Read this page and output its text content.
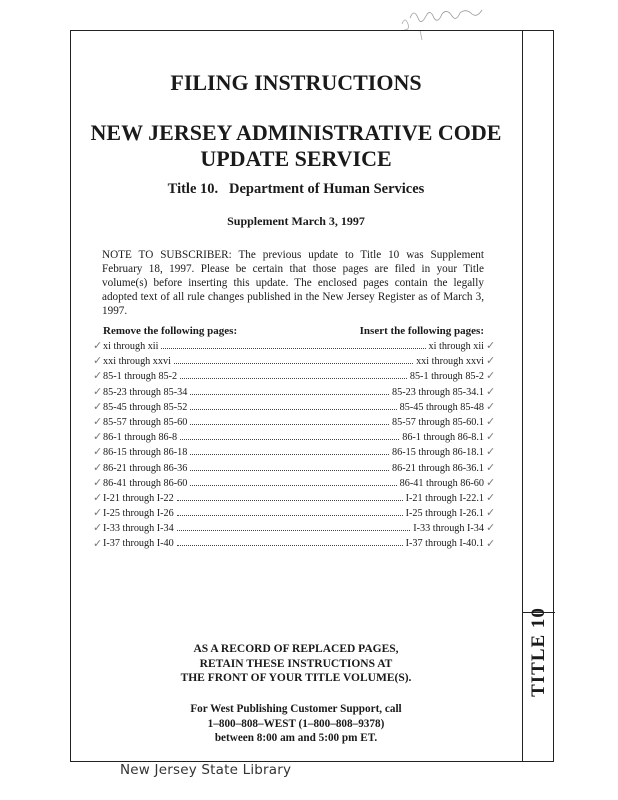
TITLE 10
FILING INSTRUCTIONS
NEW JERSEY ADMINISTRATIVE CODE
UPDATE SERVICE
Title 10.   Department of Human Services
Supplement March 3, 1997
NOTE TO SUBSCRIBER: The previous update to Title 10 was Supplement February 18, 1997. Please be certain that those pages are filed in your Title volume(s) before inserting this update. The enclosed pages contain the legally adopted text of all rule changes published in the New Jersey Register as of March 3, 1997.
Remove the following pages:	Insert the following pages:
xi through xii	xi through xii
xxi through xxvi	xxi through xxvi
85-1 through 85-2	85-1 through 85-2
85-23 through 85-34	85-23 through 85-34.1
85-45 through 85-52	85-45 through 85-48
85-57 through 85-60	85-57 through 85-60.1
86-1 through 86-8	86-1 through 86-8.1
86-15 through 86-18	86-15 through 86-18.1
86-21 through 86-36	86-21 through 86-36.1
86-41 through 86-60	86-41 through 86-60
I-21 through I-22	I-21 through I-22.1
I-25 through I-26	I-25 through I-26.1
I-33 through I-34	I-33 through I-34
I-37 through I-40	I-37 through I-40.1
✓	✓
✓	✓
✓	✓
✓	✓
✓	✓
✓	✓
✓	✓
✓	✓
✓	✓
✓	✓
✓	✓
✓	✓
✓	✓
✓	✓
AS A RECORD OF REPLACED PAGES,
RETAIN THESE INSTRUCTIONS AT
THE FRONT OF YOUR TITLE VOLUME(S).
For West Publishing Customer Support, call
1–800–808–WEST (1–800–808–9378)
between 8:00 am and 5:00 pm ET.
New Jersey State Library
